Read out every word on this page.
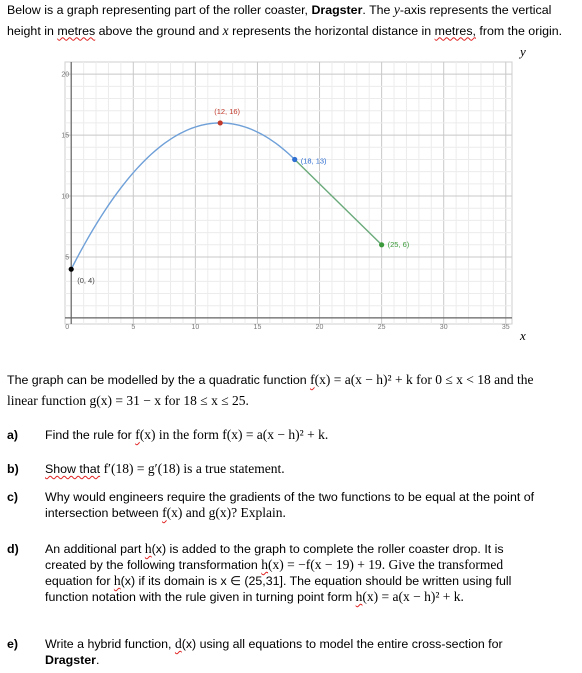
Below is a graph representing part of the roller coaster, Dragster. The y-axis represents the vertical height in metres above the ground and x represents the horizontal distance in metres, from the origin.
y
x
0	5	10	15	20	25	30	35
5
10
15
20
(0, 4)
(12, 16)
(18, 13)
(25, 6)
The graph can be modelled by the a quadratic function f(x) = a(x − h)² + k for 0 ≤ x < 18 and the
linear function g(x) = 31 − x for 18 ≤ x ≤ 25.
a) Find the rule for f(x) in the form f(x) = a(x − h)² + k.
b) Show that f′(18) = g′(18) is a true statement.
c) Why would engineers require the gradients of the two functions to be equal at the point of
intersection between f(x) and g(x)? Explain.
d) An additional part h(x) is added to the graph to complete the roller coaster drop. It is
created by the following transformation h(x) = −f(x − 19) + 19. Give the transformed
equation for h(x) if its domain is x ∈ (25,31]. The equation should be written using full
function notation with the rule given in turning point form h(x) = a(x − h)² + k.
e) Write a hybrid function, d(x) using all equations to model the entire cross-section for
Dragster.
